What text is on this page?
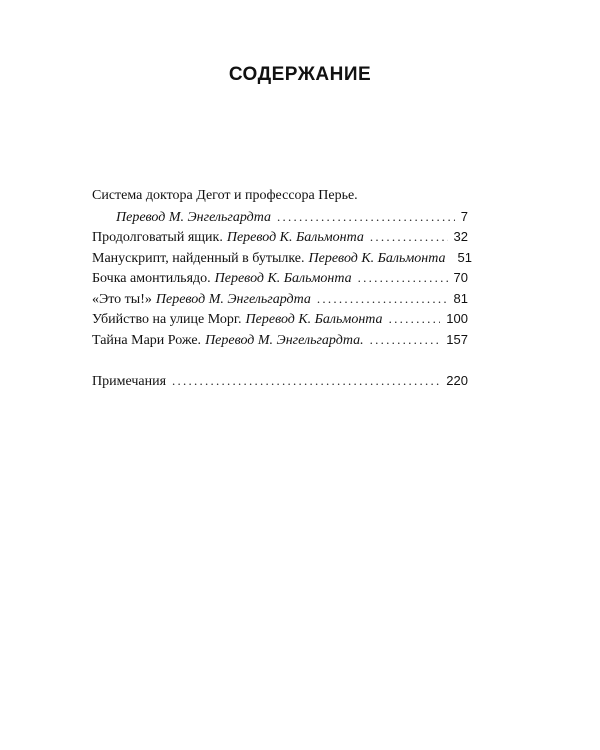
СОДЕРЖАНИЕ
Система доктора Дегот и профессора Перье.
Перевод М. Энгельгардта . . .	7
Продолговатый ящик. Перевод К. Бальмонта . . .	32
Манускрипт, найденный в бутылке. Перевод К. Бальмонта 51
Бочка амонтильядо. Перевод К. Бальмонта . . .	70
«Это ты!» Перевод М. Энгельгардта . . .	81
Убийство на улице Морг. Перевод К. Бальмонта . . .	100
Тайна Мари Роже. Перевод М. Энгельгардта. . . .	157
Примечания . . .	220
